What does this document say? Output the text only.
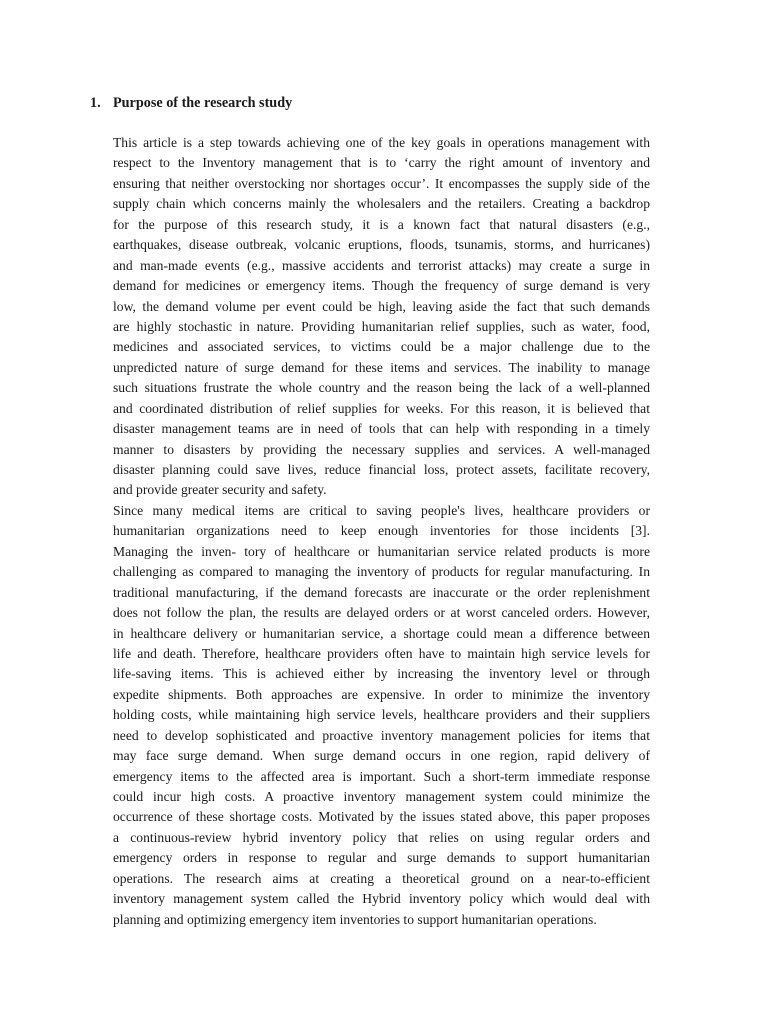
1. Purpose of the research study
This article is a step towards achieving one of the key goals in operations management with
respect to the Inventory management that is to ‘carry the right amount of inventory and
ensuring that neither overstocking nor shortages occur’. It encompasses the supply side of the
supply chain which concerns mainly the wholesalers and the retailers. Creating a backdrop
for the purpose of this research study, it is a known fact that natural disasters (e.g.,
earthquakes, disease outbreak, volcanic eruptions, floods, tsunamis, storms, and hurricanes)
and man-made events (e.g., massive accidents and terrorist attacks) may create a surge in
demand for medicines or emergency items. Though the frequency of surge demand is very
low, the demand volume per event could be high, leaving aside the fact that such demands
are highly stochastic in nature. Providing humanitarian relief supplies, such as water, food,
medicines and associated services, to victims could be a major challenge due to the
unpredicted nature of surge demand for these items and services. The inability to manage
such situations frustrate the whole country and the reason being the lack of a well-planned
and coordinated distribution of relief supplies for weeks. For this reason, it is believed that
disaster management teams are in need of tools that can help with responding in a timely
manner to disasters by providing the necessary supplies and services. A well-managed
disaster planning could save lives, reduce financial loss, protect assets, facilitate recovery,
and provide greater security and safety.
Since many medical items are critical to saving people's lives, healthcare providers or
humanitarian organizations need to keep enough inventories for those incidents [3].
Managing the inven- tory of healthcare or humanitarian service related products is more
challenging as compared to managing the inventory of products for regular manufacturing. In
traditional manufacturing, if the demand forecasts are inaccurate or the order replenishment
does not follow the plan, the results are delayed orders or at worst canceled orders. However,
in healthcare delivery or humanitarian service, a shortage could mean a difference between
life and death. Therefore, healthcare providers often have to maintain high service levels for
life-saving items. This is achieved either by increasing the inventory level or through
expedite shipments. Both approaches are expensive. In order to minimize the inventory
holding costs, while maintaining high service levels, healthcare providers and their suppliers
need to develop sophisticated and proactive inventory management policies for items that
may face surge demand. When surge demand occurs in one region, rapid delivery of
emergency items to the affected area is important. Such a short-term immediate response
could incur high costs. A proactive inventory management system could minimize the
occurrence of these shortage costs. Motivated by the issues stated above, this paper proposes
a continuous-review hybrid inventory policy that relies on using regular orders and
emergency orders in response to regular and surge demands to support humanitarian
operations. The research aims at creating a theoretical ground on a near-to-efficient
inventory management system called the Hybrid inventory policy which would deal with
planning and optimizing emergency item inventories to support humanitarian operations.
